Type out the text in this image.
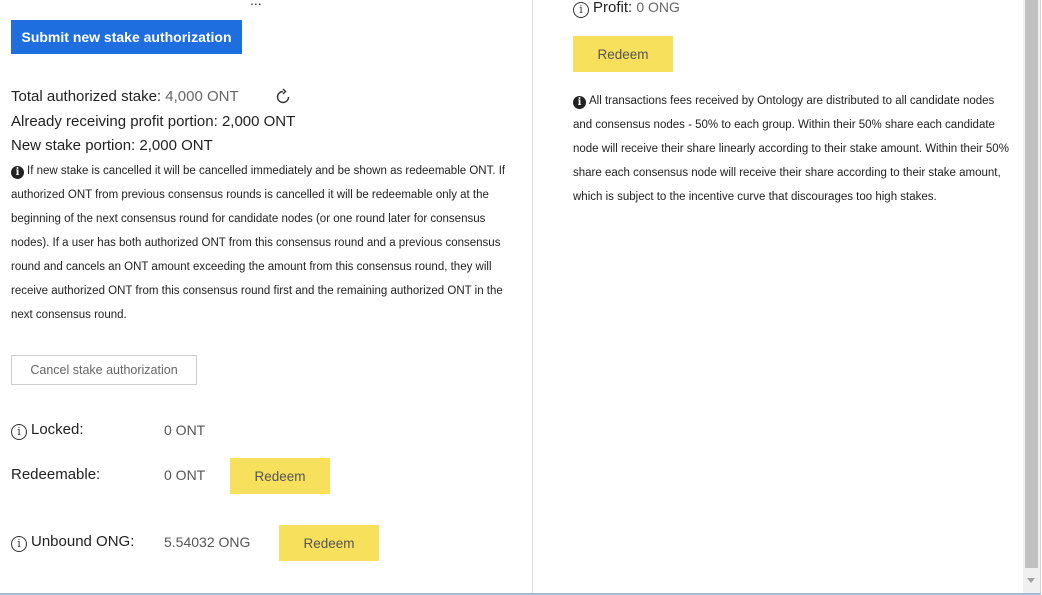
...
Submit new stake authorization
Total authorized stake: 4,000 ONT
Already receiving profit portion: 2,000 ONT
New stake portion: 2,000 ONT
i If new stake is cancelled it will be cancelled immediately and be shown as redeemable ONT. If authorized ONT from previous consensus rounds is cancelled it will be redeemable only at the beginning of the next consensus round for candidate nodes (or one round later for consensus nodes). If a user has both authorized ONT from this consensus round and a previous consensus round and cancels an ONT amount exceeding the amount from this consensus round, they will receive authorized ONT from this consensus round first and the remaining authorized ONT in the next consensus round.
Cancel stake authorization
i Locked:	0 ONT
Redeemable:	0 ONT	Redeem
i Unbound ONG: 5.54032 ONG	Redeem
i Profit: 0 ONG
Redeem
i All transactions fees received by Ontology are distributed to all candidate nodes and consensus nodes - 50% to each group. Within their 50% share each candidate node will receive their share linearly according to their stake amount. Within their 50% share each consensus node will receive their share according to their stake amount, which is subject to the incentive curve that discourages too high stakes.
